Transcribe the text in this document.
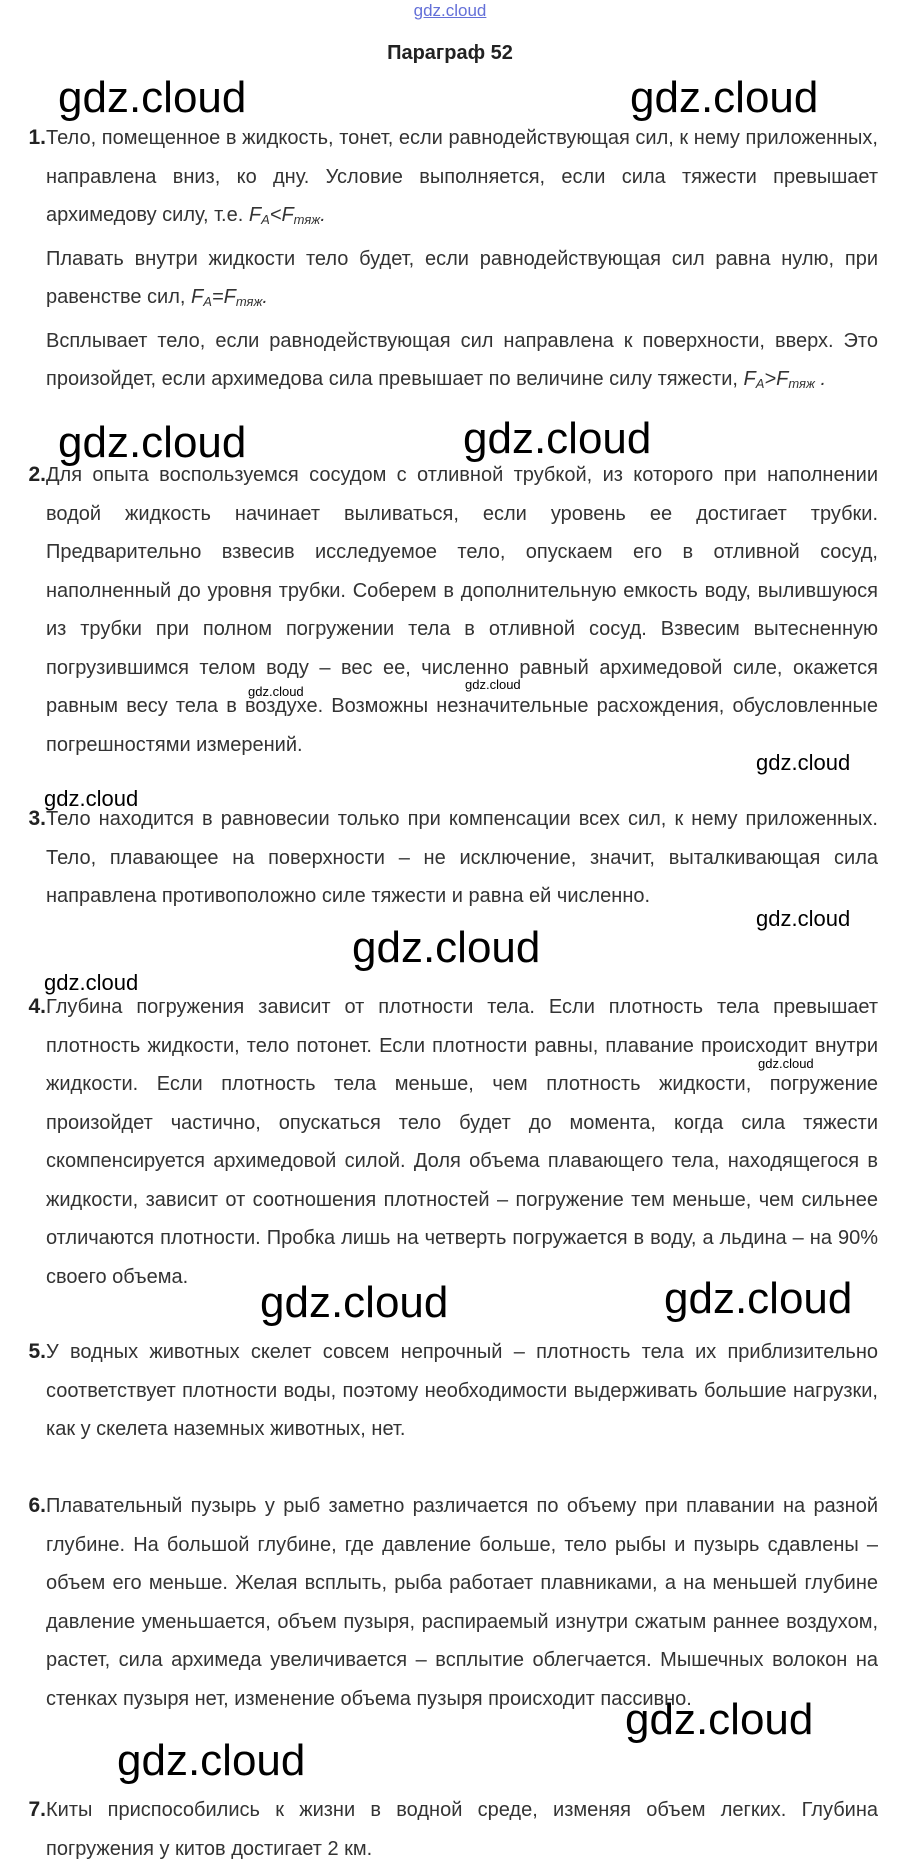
gdz.cloud
Параграф 52
1. Тело, помещенное в жидкость, тонет, если равнодействующая сил, к нему приложенных, направлена вниз, ко дну. Условие выполняется, если сила тяжести превышает архимедову силу, т.е. $F_A<F_{тяж}$.

Плавать внутри жидкости тело будет, если равнодействующая сил равна нулю, при равенстве сил, $F_A=F_{тяж}$.

Всплывает тело, если равнодействующая сил направлена к поверхности, вверх. Это произойдет, если архимедова сила превышает по величине силу тяжести, $F_A>F_{тяж}$ .

2. Для опыта воспользуемся сосудом с отливной трубкой, из которого при наполнении водой жидкость начинает выливаться, если уровень ее достигает трубки. Предварительно взвесив исследуемое тело, опускаем его в отливной сосуд, наполненный до уровня трубки. Соберем в дополнительную емкость воду, вылившуюся из трубки при полном погружении тела в отливной сосуд. Взвесим вытесненную погрузившимся телом воду – вес ее, численно равный архимедовой силе, окажется равным весу тела в воздухе. Возможны незначительные расхождения, обусловленные погрешностями измерений.

3. Тело находится в равновесии только при компенсации всех сил, к нему приложенных. Тело, плавающее на поверхности – не исключение, значит, выталкивающая сила направлена противоположно силе тяжести и равна ей численно.

4. Глубина погружения зависит от плотности тела. Если плотность тела превышает плотность жидкости, тело потонет. Если плотности равны, плавание происходит внутри жидкости. Если плотность тела меньше, чем плотность жидкости, погружение произойдет частично, опускаться тело будет до момента, когда сила тяжести скомпенсируется архимедовой силой. Доля объема плавающего тела, находящегося в жидкости, зависит от соотношения плотностей – погружение тем меньше, чем сильнее отличаются плотности. Пробка лишь на четверть погружается в воду, а льдина – на 90% своего объема.

5. У водных животных скелет совсем непрочный – плотность тела их приблизительно соответствует плотности воды, поэтому необходимости выдерживать большие нагрузки, как у скелета наземных животных, нет.

6. Плавательный пузырь у рыб заметно различается по объему при плавании на разной глубине. На большой глубине, где давление больше, тело рыбы и пузырь сдавлены – объем его меньше. Желая всплыть, рыба работает плавниками, а на меньшей глубине давление уменьшается, объем пузыря, распираемый изнутри сжатым раннее воздухом, растет, сила архимеда увеличивается – всплытие облегчается. Мышечных волокон на стенках пузыря нет, изменение объема пузыря происходит пассивно.

7. Киты приспособились к жизни в водной среде, изменяя объем легких. Глубина погружения у китов достигает 2 км.

gdz.cloud	gdz.cloud
gdz.cloud	gdz.cloud
gdz.cloud	gdz.cloud
gdz.cloud
gdz.cloud
gdz.cloud
gdz.cloud
gdz.cloud
gdz.cloud
gdz.cloud	gdz.cloud
gdz.cloud
gdz.cloud
